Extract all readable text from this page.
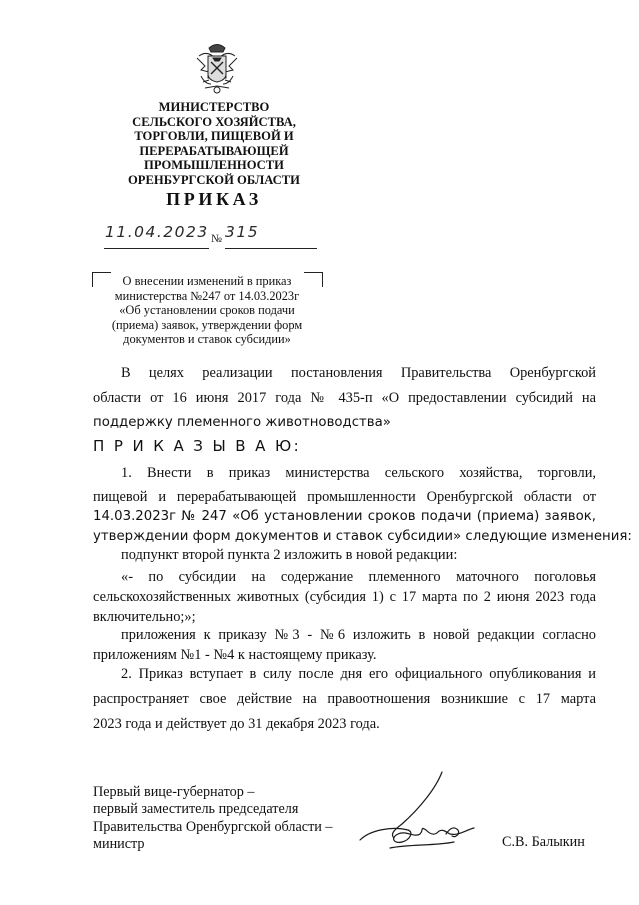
МИНИСТЕРСТВО
СЕЛЬСКОГО ХОЗЯЙСТВА,
ТОРГОВЛИ, ПИЩЕВОЙ И
ПЕРЕРАБАТЫВАЮЩЕЙ
ПРОМЫШЛЕННОСТИ
ОРЕНБУРГСКОЙ ОБЛАСТИ
ПРИКАЗ
11.04.2023 № 315
О внесении изменений в приказ
министерства №247 от 14.03.2023г
«Об установлении сроков подачи
(приема) заявок, утверждении форм
документов и ставок субсидии»
В целях реализации постановления Правительства Оренбургской
области от 16 июня 2017 года № 435-п «О предоставлении субсидий на
поддержку племенного животноводства»
П Р И К А З Ы В А Ю:
1. Внести в приказ министерства сельского хозяйства, торговли,
пищевой и перерабатывающей промышленности Оренбургской области от
14.03.2023г № 247 «Об установлении сроков подачи (приема) заявок,
утверждении форм документов и ставок субсидии» следующие изменения:
подпункт второй пункта 2 изложить в новой редакции:
«- по субсидии на содержание племенного маточного поголовья
сельскохозяйственных животных (субсидия 1) с 17 марта по 2 июня 2023 года
включительно;»;
приложения к приказу №3 - №6 изложить в новой редакции согласно
приложениям №1 - №4 к настоящему приказу.
2. Приказ вступает в силу после дня его официального опубликования и
распространяет свое действие на правоотношения возникшие с 17 марта
2023 года и действует до 31 декабря 2023 года.
Первый вице-губернатор –
первый заместитель председателя
Правительства Оренбургской области –
министр	С.В. Балыкин
